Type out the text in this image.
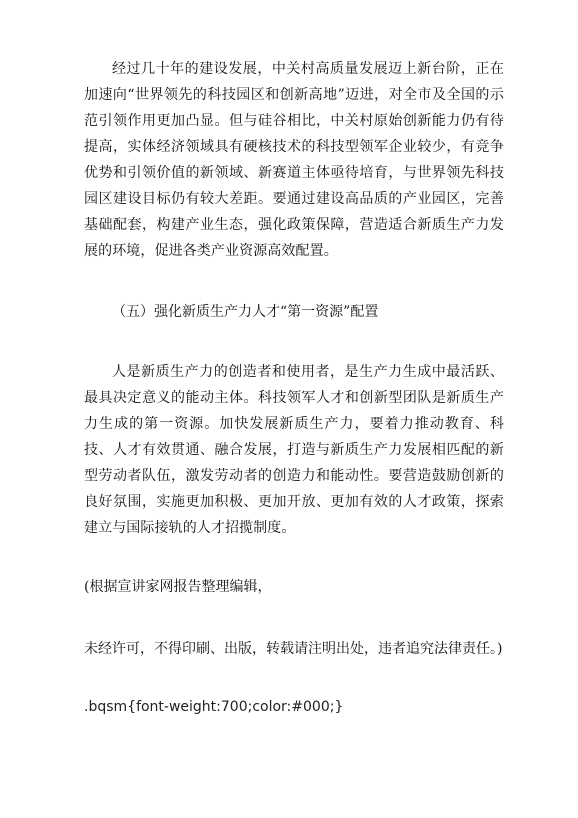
经过几十年的建设发展，中关村高质量发展迈上新台阶，正在加速向“世界领先的科技园区和创新高地”迈进，对全市及全国的示范引领作用更加凸显。但与硅谷相比，中关村原始创新能力仍有待提高，实体经济领域具有硬核技术的科技型领军企业较少，有竞争优势和引领价值的新领域、新赛道主体亟待培育，与世界领先科技园区建设目标仍有较大差距。要通过建设高品质的产业园区，完善基础配套，构建产业生态，强化政策保障，营造适合新质生产力发展的环境，促进各类产业资源高效配置。

（五）强化新质生产力人才“第一资源”配置

人是新质生产力的创造者和使用者，是生产力生成中最活跃、最具决定意义的能动主体。科技领军人才和创新型团队是新质生产力生成的第一资源。加快发展新质生产力，要着力推动教育、科技、人才有效贯通、融合发展，打造与新质生产力发展相匹配的新型劳动者队伍，激发劳动者的创造力和能动性。要营造鼓励创新的良好氛围，实施更加积极、更加开放、更加有效的人才政策，探索建立与国际接轨的人才招揽制度。

(根据宣讲家网报告整理编辑，

未经许可，不得印刷、出版，转载请注明出处，违者追究法律责任。)

.bqsm{font-weight:700;color:#000;}
